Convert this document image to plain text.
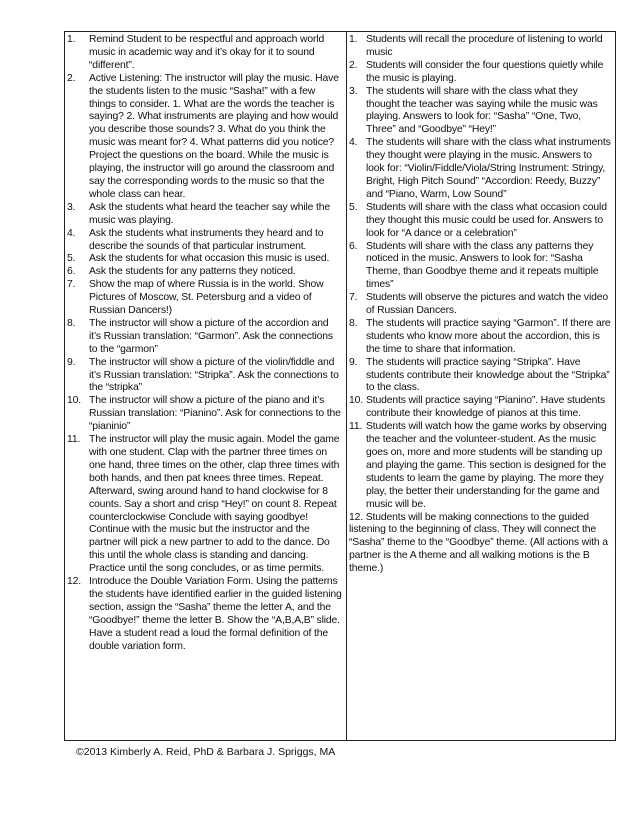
1.	Remind Student to be respectful and approach world music in academic way and it’s okay for it to sound “different”.
2.	Active Listening: The instructor will play the music. Have the students listen to the music “Sasha!” with a few things to consider. 1. What are the words the teacher is saying? 2. What instruments are playing and how would you describe those sounds? 3. What do you think the music was meant for? 4. What patterns did you notice? Project the questions on the board. While the music is playing, the instructor will go around the classroom and say the corresponding words to the music so that the whole class can hear.
3.	Ask the students what heard the teacher say while the music was playing.
4.	Ask the students what instruments they heard and to describe the sounds of that particular instrument.
5.	Ask the students for what occasion this music is used.
6.	Ask the students for any patterns they noticed.
7.	Show the map of where Russia is in the world. Show Pictures of Moscow, St. Petersburg and a video of Russian Dancers!)
8.	The instructor will show a picture of the accordion and it’s Russian translation: “Garmon”. Ask the connections to the “garmon”
9.	The instructor will show a picture of the violin/fiddle and it’s Russian translation: “Stripka”. Ask the connections to the “stripka”
10. The instructor will show a picture of the piano and it’s Russian translation: “Pianino”. Ask for connections to the “pianinio”
11. The instructor will play the music again. Model the game with one student. Clap with the partner three times on one hand, three times on the other, clap three times with both hands, and then pat knees three times. Repeat. Afterward, swing around hand to hand clockwise for 8 counts. Say a short and crisp “Hey!” on count 8. Repeat counterclockwise Conclude with saying goodbye! Continue with the music but the instructor and the partner will pick a new partner to add to the dance. Do this until the whole class is standing and dancing. Practice until the song concludes, or as time permits.
12. Introduce the Double Variation Form. Using the patterns the students have identified earlier in the guided listening section, assign the “Sasha” theme the letter A, and the “Goodbye!” theme the letter B. Show the “A,B,A,B” slide. Have a student read a loud the formal definition of the double variation form.
1. Students will recall the procedure of listening to world music
2. Students will consider the four questions quietly while the music is playing.
3. The students will share with the class what they thought the teacher was saying while the music was playing. Answers to look for: “Sasha” “One, Two, Three” and “Goodbye” “Hey!”
4. The students will share with the class what instruments they thought were playing in the music. Answers to look for: “Violin/Fiddle/Viola/String Instrument: Stringy, Bright, High Pitch Sound” “Accordion: Reedy, Buzzy” and “Piano, Warm, Low Sound”
5. Students will share with the class what occasion could they thought this music could be used for. Answers to look for “A dance or a celebration”
6. Students will share with the class any patterns they noticed in the music. Answers to look for: “Sasha Theme, than Goodbye theme and it repeats multiple times”
7. Students will observe the pictures and watch the video of Russian Dancers.
8. The students will practice saying “Garmon”. If there are students who know more about the accordion, this is the time to share that information.
9. The students will practice saying “Stripka”. Have students contribute their knowledge about the “Stripka” to the class.
10. Students will practice saying “Pianino”. Have students contribute their knowledge of pianos at this time.
11. Students will watch how the game works by observing the teacher and the volunteer-student. As the music goes on, more and more students will be standing up and playing the game. This section is designed for the students to learn the game by playing. The more they play, the better their understanding for the game and music will be.
12. Students will be making connections to the guided listening to the beginning of class. They will connect the “Sasha” theme to the “Goodbye” theme. (All actions with a partner is the A theme and all walking motions is the B theme.)
©2013 Kimberly A. Reid, PhD & Barbara J. Spriggs, MA
